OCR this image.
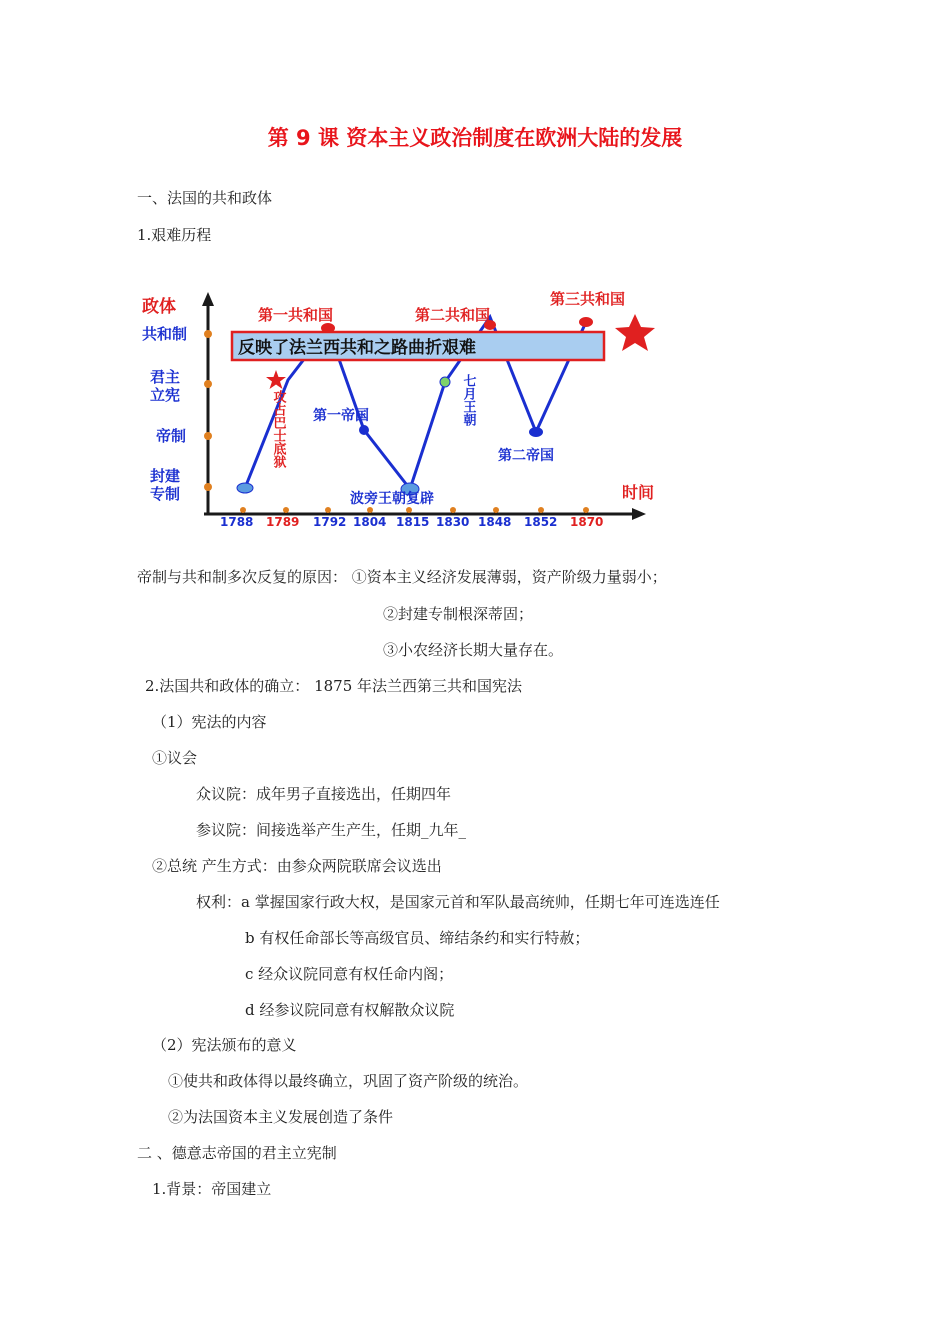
第 9 课 资本主义政治制度在欧洲大陆的发展
一、法国的共和政体
1.艰难历程
政体
共和制
君主
立宪
帝制
封建
专制
1788 1789 1792 1804 1815 1830 1848 1852 1870
时间
反映了法兰西共和之路曲折艰难
第一共和国	第二共和国
第三共和国
第一帝国
第二帝国
波旁王朝复辟
七月王朝
攻占巴士底狱
帝制与共和制多次反复的原因： ①资本主义经济发展薄弱，资产阶级力量弱小；
②封建专制根深蒂固；
③小农经济长期大量存在。
2.法国共和政体的确立： 1875 年法兰西第三共和国宪法
（1）宪法的内容
①议会
众议院：成年男子直接选出，任期四年
参议院：间接选举产生产生，任期_九年_
②总统 产生方式：由参众两院联席会议选出
权利：a 掌握国家行政大权，是国家元首和军队最高统帅，任期七年可连选连任
b 有权任命部长等高级官员、缔结条约和实行特赦；
c 经众议院同意有权任命内阁；
d 经参议院同意有权解散众议院
（2）宪法颁布的意义
①使共和政体得以最终确立，巩固了资产阶级的统治。
②为法国资本主义发展创造了条件
二 、德意志帝国的君主立宪制
1.背景：帝国建立
